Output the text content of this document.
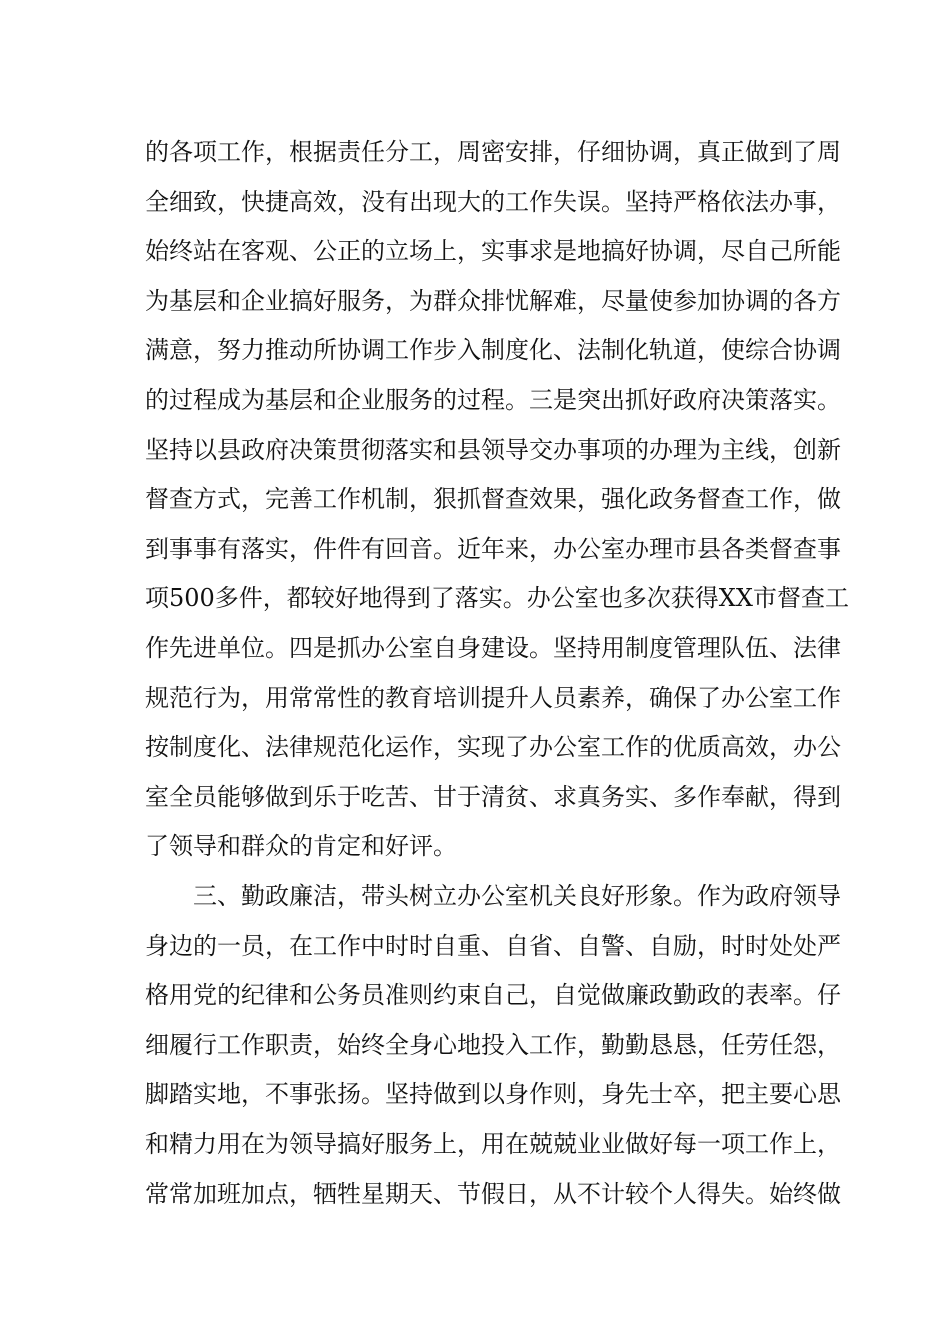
的各项工作，根据责任分工，周密安排，仔细协调，真正做到了周
全细致，快捷高效，没有出现大的工作失误。坚持严格依法办事，
始终站在客观、公正的立场上，实事求是地搞好协调，尽自己所能
为基层和企业搞好服务，为群众排忧解难，尽量使参加协调的各方
满意，努力推动所协调工作步入制度化、法制化轨道，使综合协调
的过程成为基层和企业服务的过程。三是突出抓好政府决策落实。
坚持以县政府决策贯彻落实和县领导交办事项的办理为主线，创新
督查方式，完善工作机制，狠抓督查效果，强化政务督查工作，做
到事事有落实，件件有回音。近年来，办公室办理市县各类督查事
项500多件，都较好地得到了落实。办公室也多次获得XX市督查工
作先进单位。四是抓办公室自身建设。坚持用制度管理队伍、法律
规范行为，用常常性的教育培训提升人员素养，确保了办公室工作
按制度化、法律规范化运作，实现了办公室工作的优质高效，办公
室全员能够做到乐于吃苦、甘于清贫、求真务实、多作奉献，得到
了领导和群众的肯定和好评。
三、勤政廉洁，带头树立办公室机关良好形象。作为政府领导
身边的一员，在工作中时时自重、自省、自警、自励，时时处处严
格用党的纪律和公务员准则约束自己，自觉做廉政勤政的表率。仔
细履行工作职责，始终全身心地投入工作，勤勤恳恳，任劳任怨，
脚踏实地，不事张扬。坚持做到以身作则，身先士卒，把主要心思
和精力用在为领导搞好服务上，用在兢兢业业做好每一项工作上，
常常加班加点，牺牲星期天、节假日，从不计较个人得失。始终做
